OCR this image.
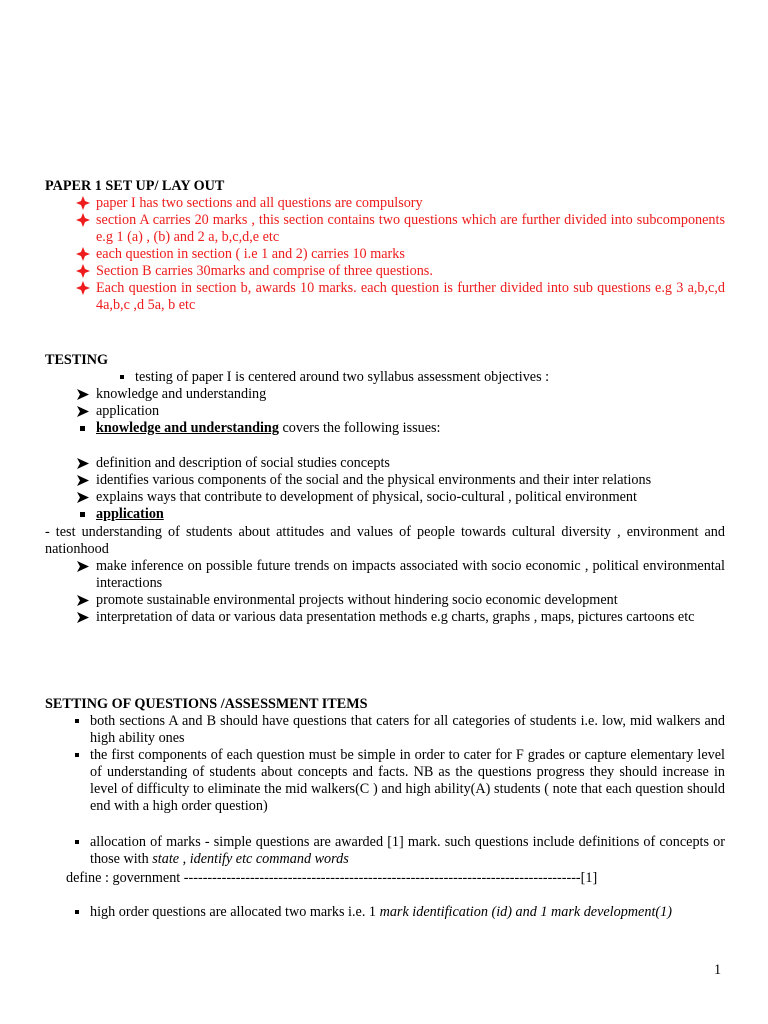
PAPER 1 SET UP/ LAY OUT
paper I has two sections and all questions are compulsory
section A carries 20 marks , this section contains two questions which are further divided into subcomponents e.g 1 (a) , (b) and 2 a, b,c,d,e etc
each question in section ( i.e 1 and 2) carries 10 marks
Section B carries 30marks and comprise of three questions.
Each question in section b, awards 10 marks. each question is further divided into sub questions e.g 3 a,b,c,d 4a,b,c ,d 5a, b etc
TESTING
testing of paper I is centered around two syllabus assessment objectives :
knowledge and understanding
application
knowledge and understanding covers the following issues:
definition and description of social studies concepts
identifies various components of the social and the physical environments and their inter relations
explains ways that contribute to development of physical, socio-cultural , political environment
application
- test understanding of students about attitudes and values of people towards cultural diversity , environment and nationhood
make inference on possible future trends on impacts associated with socio economic , political environmental interactions
promote sustainable environmental projects without hindering socio economic development
interpretation of data or various data presentation methods e.g charts, graphs , maps, pictures cartoons etc
SETTING OF QUESTIONS /ASSESSMENT ITEMS
both sections A and B should have questions that caters for all categories of students i.e. low, mid walkers and high ability ones
the first components of each question must be simple in order to cater for F grades or capture elementary level of understanding of students about concepts and facts. NB as the questions progress they should increase in level of difficulty to eliminate the mid walkers(C ) and high ability(A) students ( note that each question should end with a high order question)
allocation of marks - simple questions are awarded [1] mark. such questions include definitions of concepts or those with state , identify etc command words
define : government ------------------------------------------------------------------------------------[1]
high order questions are allocated two marks i.e. 1 mark identification (id) and 1 mark development(1)
1
